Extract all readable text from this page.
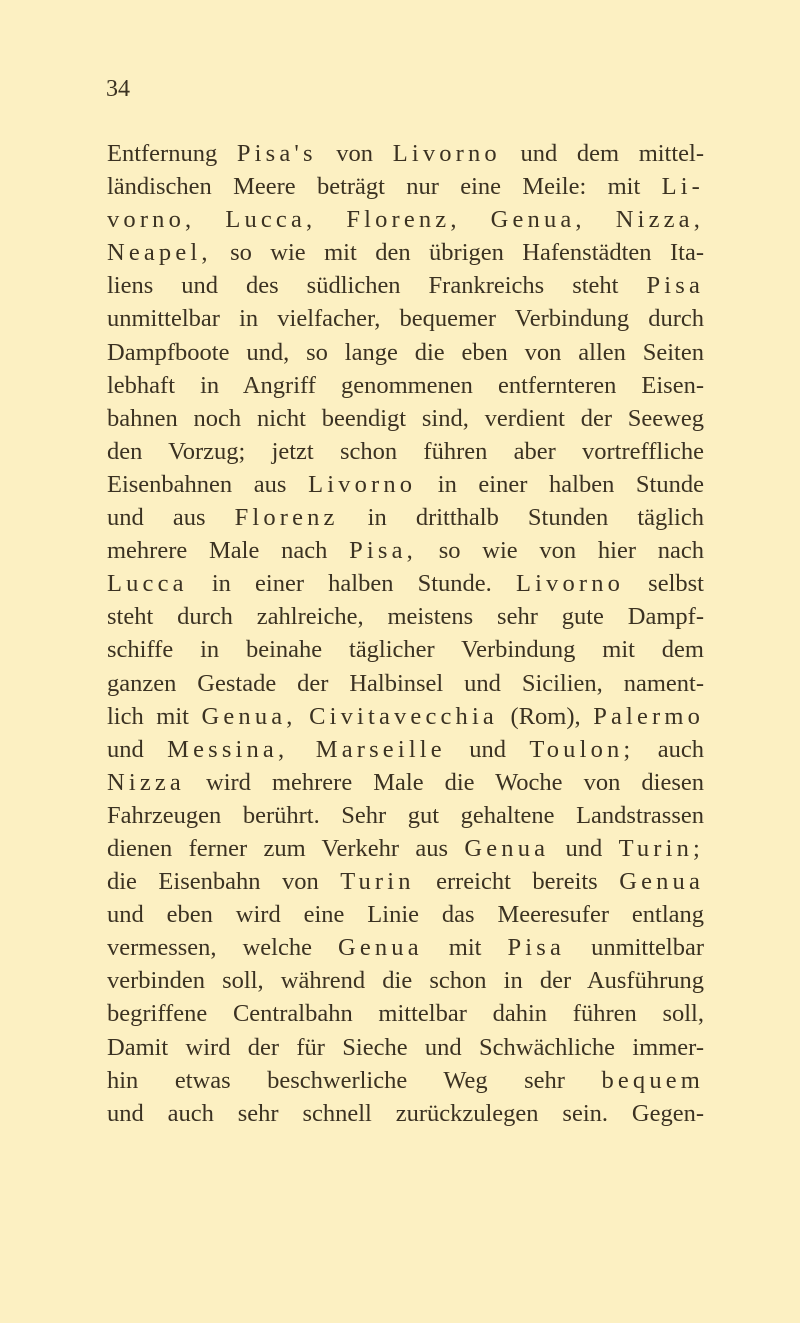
34
Entfernung Pisa's von Livorno und dem mittel-
ländischen Meere beträgt nur eine Meile: mit Li-
vorno, Lucca, Florenz, Genua, Nizza,
Neapel, so wie mit den übrigen Hafenstädten Ita-
liens und des südlichen Frankreichs steht Pisa
unmittelbar in vielfacher, bequemer Verbindung durch
Dampfboote und, so lange die eben von allen Seiten
lebhaft in Angriff genommenen entfernteren Eisen-
bahnen noch nicht beendigt sind, verdient der Seeweg
den Vorzug; jetzt schon führen aber vortreffliche
Eisenbahnen aus Livorno in einer halben Stunde
und aus Florenz in dritthalb Stunden täglich
mehrere Male nach Pisa, so wie von hier nach
Lucca in einer halben Stunde. Livorno selbst
steht durch zahlreiche, meistens sehr gute Dampf-
schiffe in beinahe täglicher Verbindung mit dem
ganzen Gestade der Halbinsel und Sicilien, nament-
lich mit Genua, Civitavecchia (Rom), Palermo
und Messina, Marseille und Toulon; auch
Nizza wird mehrere Male die Woche von diesen
Fahrzeugen berührt. Sehr gut gehaltene Landstrassen
dienen ferner zum Verkehr aus Genua und Turin;
die Eisenbahn von Turin erreicht bereits Genua
und eben wird eine Linie das Meeresufer entlang
vermessen, welche Genua mit Pisa unmittelbar
verbinden soll, während die schon in der Ausführung
begriffene Centralbahn mittelbar dahin führen soll,
Damit wird der für Sieche und Schwächliche immer-
hin etwas beschwerliche Weg sehr bequem
und auch sehr schnell zurückzulegen sein. Gegen-
